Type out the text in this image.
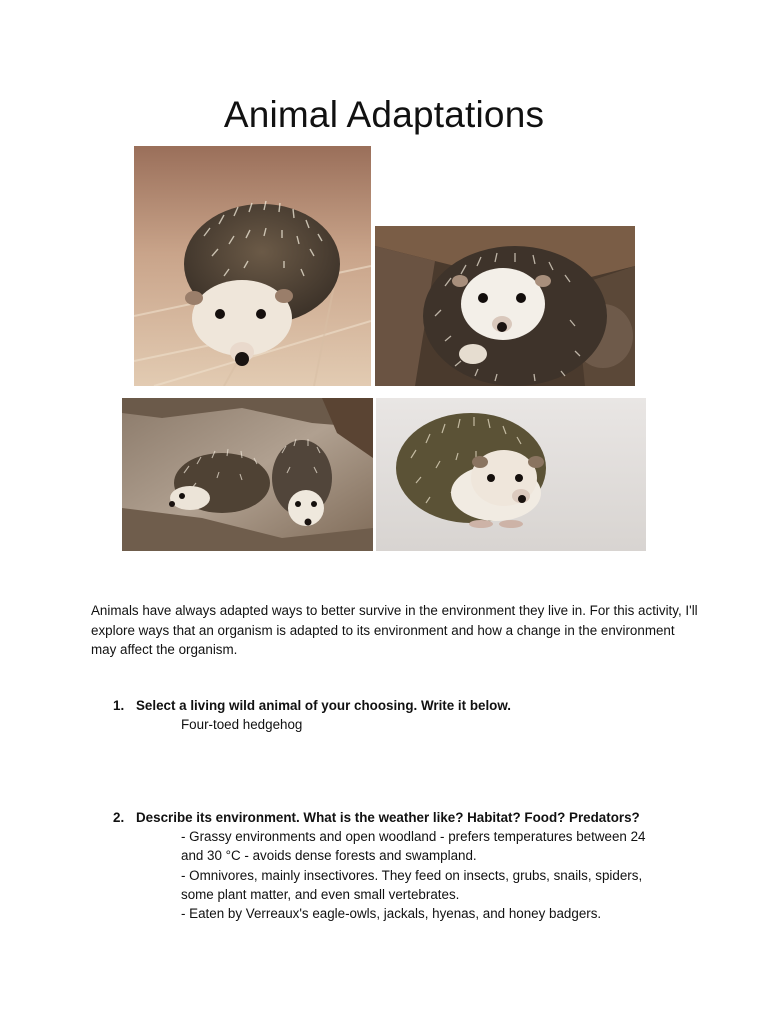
Animal Adaptations
Animals have always adapted ways to better survive in the environment they live in. For this activity, I'll explore ways that an organism is adapted to its environment and how a change in the environment may affect the organism.
1. Select a living wild animal of your choosing. Write it below.
Four-toed hedgehog
2. Describe its environment. What is the weather like? Habitat? Food? Predators?
- Grassy environments and open woodland - prefers temperatures between 24
and 30 °C - avoids dense forests and swampland.
- Omnivores, mainly insectivores. They feed on insects, grubs, snails, spiders,
some plant matter, and even small vertebrates.
- Eaten by Verreaux's eagle-owls, jackals, hyenas, and honey badgers.
